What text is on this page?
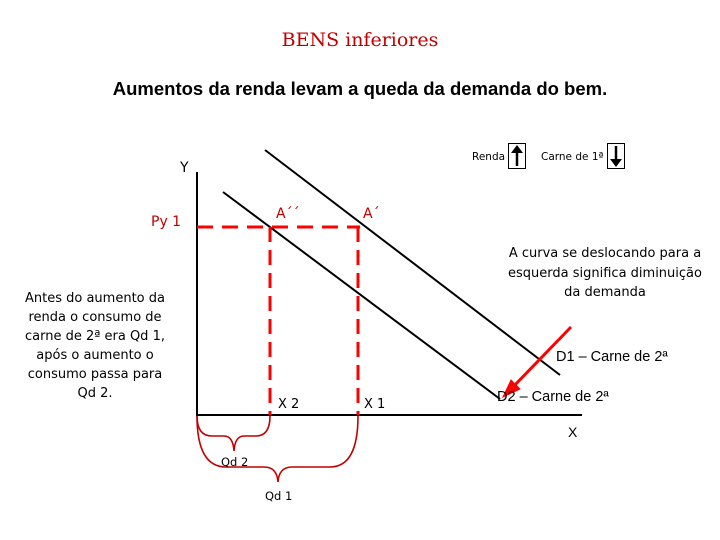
BENS inferiores
Aumentos da renda levam a queda da demanda do bem.
Renda	Carne de 1ª
Y
X
Py 1	A´´	A´
X 2	X 1
D1 – Carne de 2ª
D2 – Carne de 2ª
Qd 2
Qd 1
Antes do aumento da renda o consumo de carne de 2ª era Qd 1, após o aumento o consumo passa para Qd 2.
A curva se deslocando para a esquerda significa diminuição da demanda
